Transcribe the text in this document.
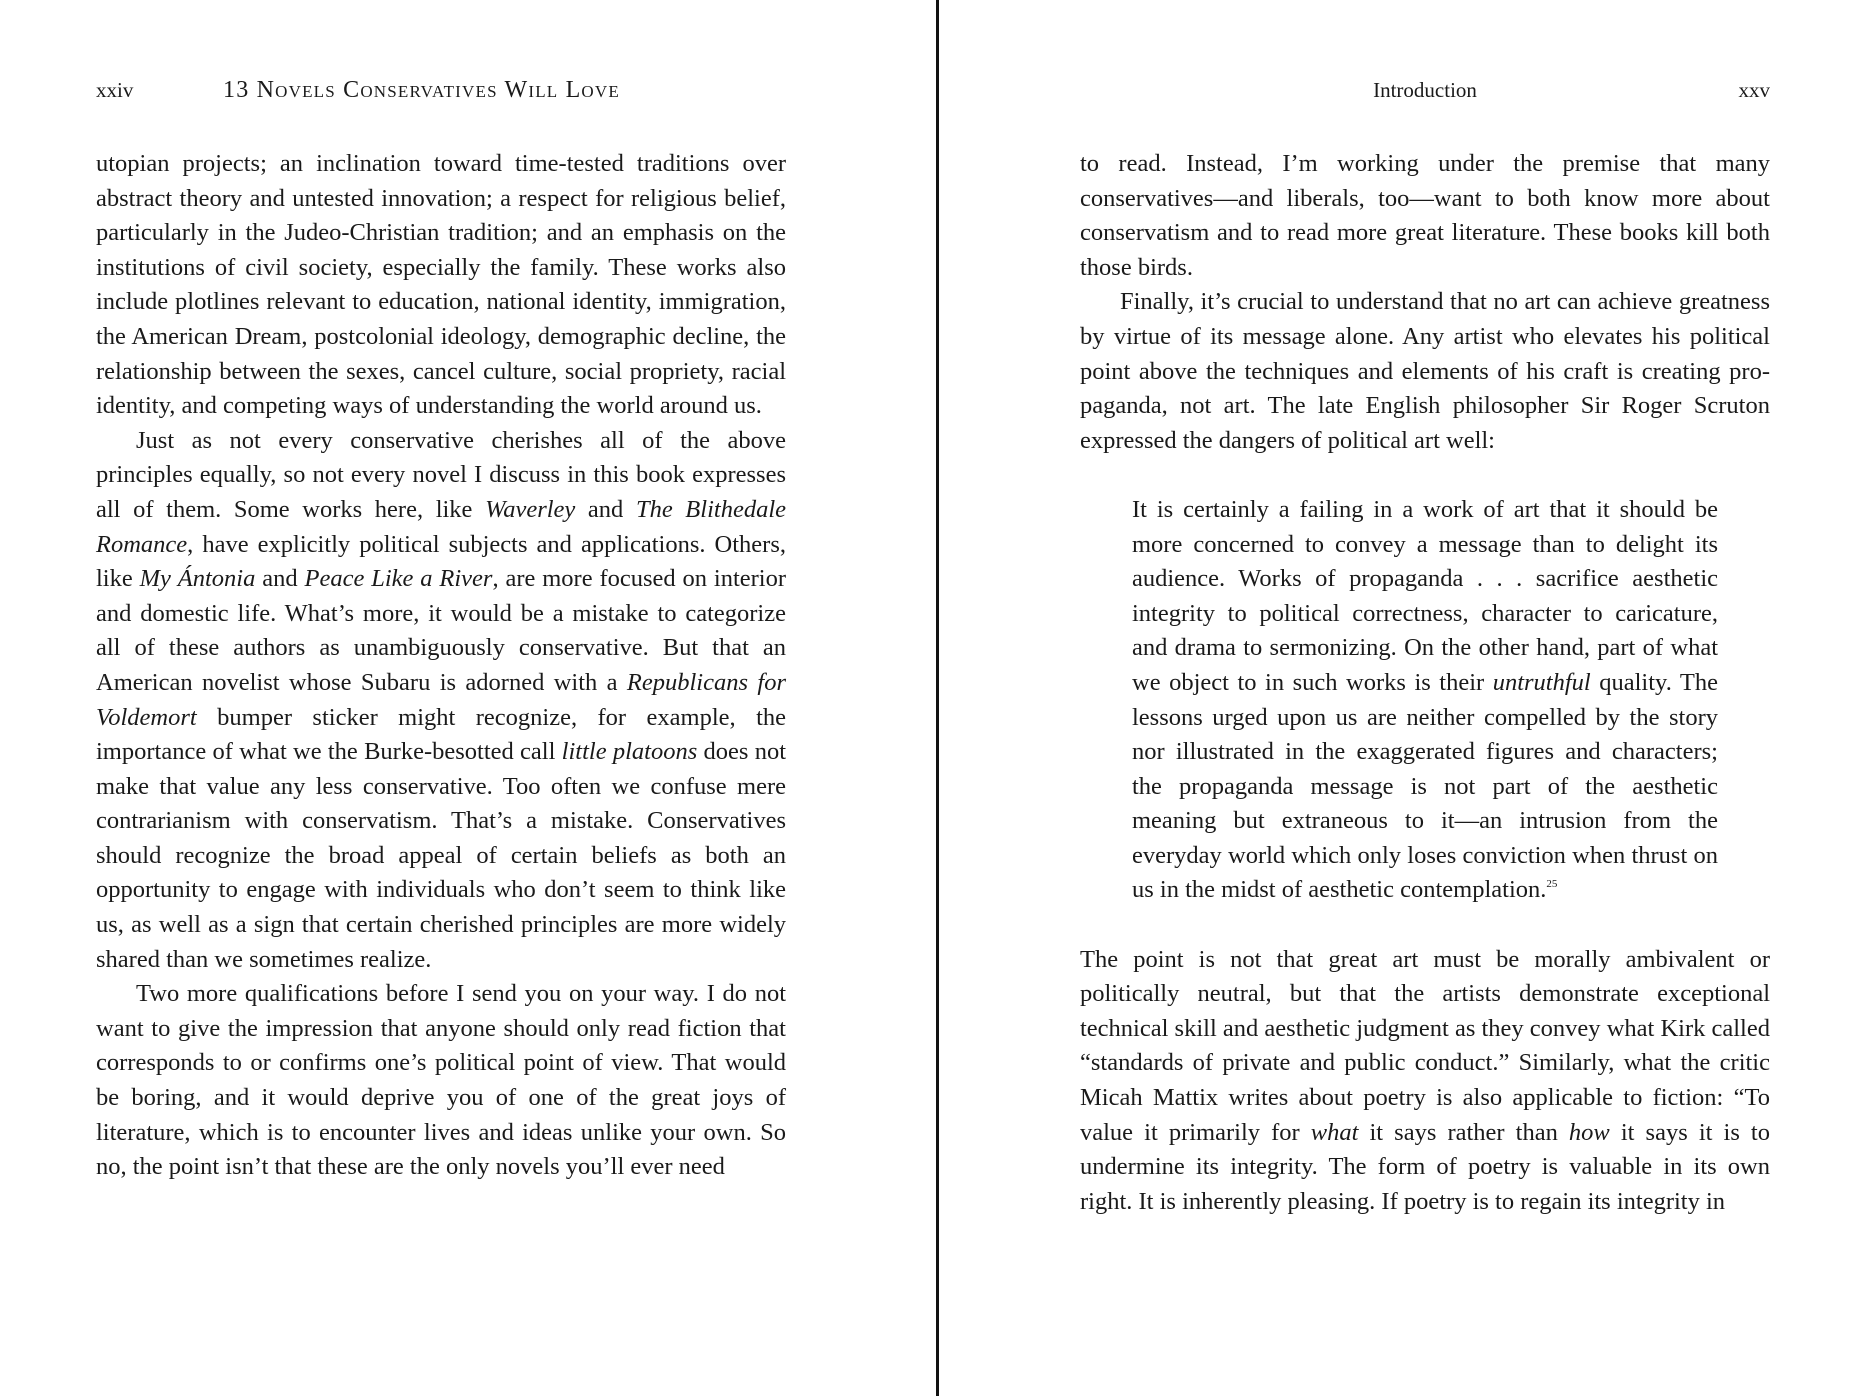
xxiv	13 Novels Conservatives Will Love

utopian projects; an inclination toward time-tested traditions over abstract theory and untested innovation; a respect for religious belief, particularly in the Judeo-Christian tradition; and an emphasis on the institutions of civil society, especially the family. These works also include plotlines relevant to education, national identity, immigration, the American Dream, postcolonial ideology, demographic decline, the relationship between the sexes, cancel culture, social propriety, racial identity, and competing ways of understanding the world around us.

Just as not every conservative cherishes all of the above principles equally, so not every novel I discuss in this book expresses all of them. Some works here, like Waverley and The Blithedale Romance, have explicitly political subjects and applications. Others, like My Ántonia and Peace Like a River, are more focused on interior and domestic life. What’s more, it would be a mistake to categorize all of these authors as unambiguously conservative. But that an American novelist whose Subaru is adorned with a Republicans for Voldemort bumper sticker might recognize, for example, the importance of what we the Burke-besotted call little platoons does not make that value any less conservative. Too often we confuse mere contrarianism with conservatism. That’s a mistake. Conservatives should recognize the broad appeal of certain beliefs as both an opportunity to engage with individuals who don’t seem to think like us, as well as a sign that certain cherished principles are more widely shared than we sometimes realize.

Two more qualifications before I send you on your way. I do not want to give the impression that anyone should only read fiction that corresponds to or confirms one’s political point of view. That would be boring, and it would deprive you of one of the great joys of literature, which is to encounter lives and ideas unlike your own. So no, the point isn’t that these are the only novels you’ll ever need

Introduction	xxv

to read. Instead, I’m working under the premise that many conservatives—and liberals, too—want to both know more about conservatism and to read more great literature. These books kill both those birds.

Finally, it’s crucial to understand that no art can achieve greatness by virtue of its message alone. Any artist who elevates his political point above the techniques and elements of his craft is creating propaganda, not art. The late English philosopher Sir Roger Scruton expressed the dangers of political art well:

It is certainly a failing in a work of art that it should be more concerned to convey a message than to delight its audience. Works of propaganda . . . sacrifice aesthetic integrity to political correctness, character to caricature, and drama to sermonizing. On the other hand, part of what we object to in such works is their untruthful quality. The lessons urged upon us are neither compelled by the story nor illustrated in the exaggerated figures and characters; the propaganda message is not part of the aesthetic meaning but extraneous to it—an intrusion from the everyday world which only loses conviction when thrust on us in the midst of aesthetic contemplation.$^{25}$

The point is not that great art must be morally ambivalent or politically neutral, but that the artists demonstrate exceptional technical skill and aesthetic judgment as they convey what Kirk called “standards of private and public conduct.” Similarly, what the critic Micah Mattix writes about poetry is also applicable to fiction: “To value it primarily for what it says rather than how it says it is to undermine its integrity. The form of poetry is valuable in its own right. It is inherently pleasing. If poetry is to regain its integrity in
